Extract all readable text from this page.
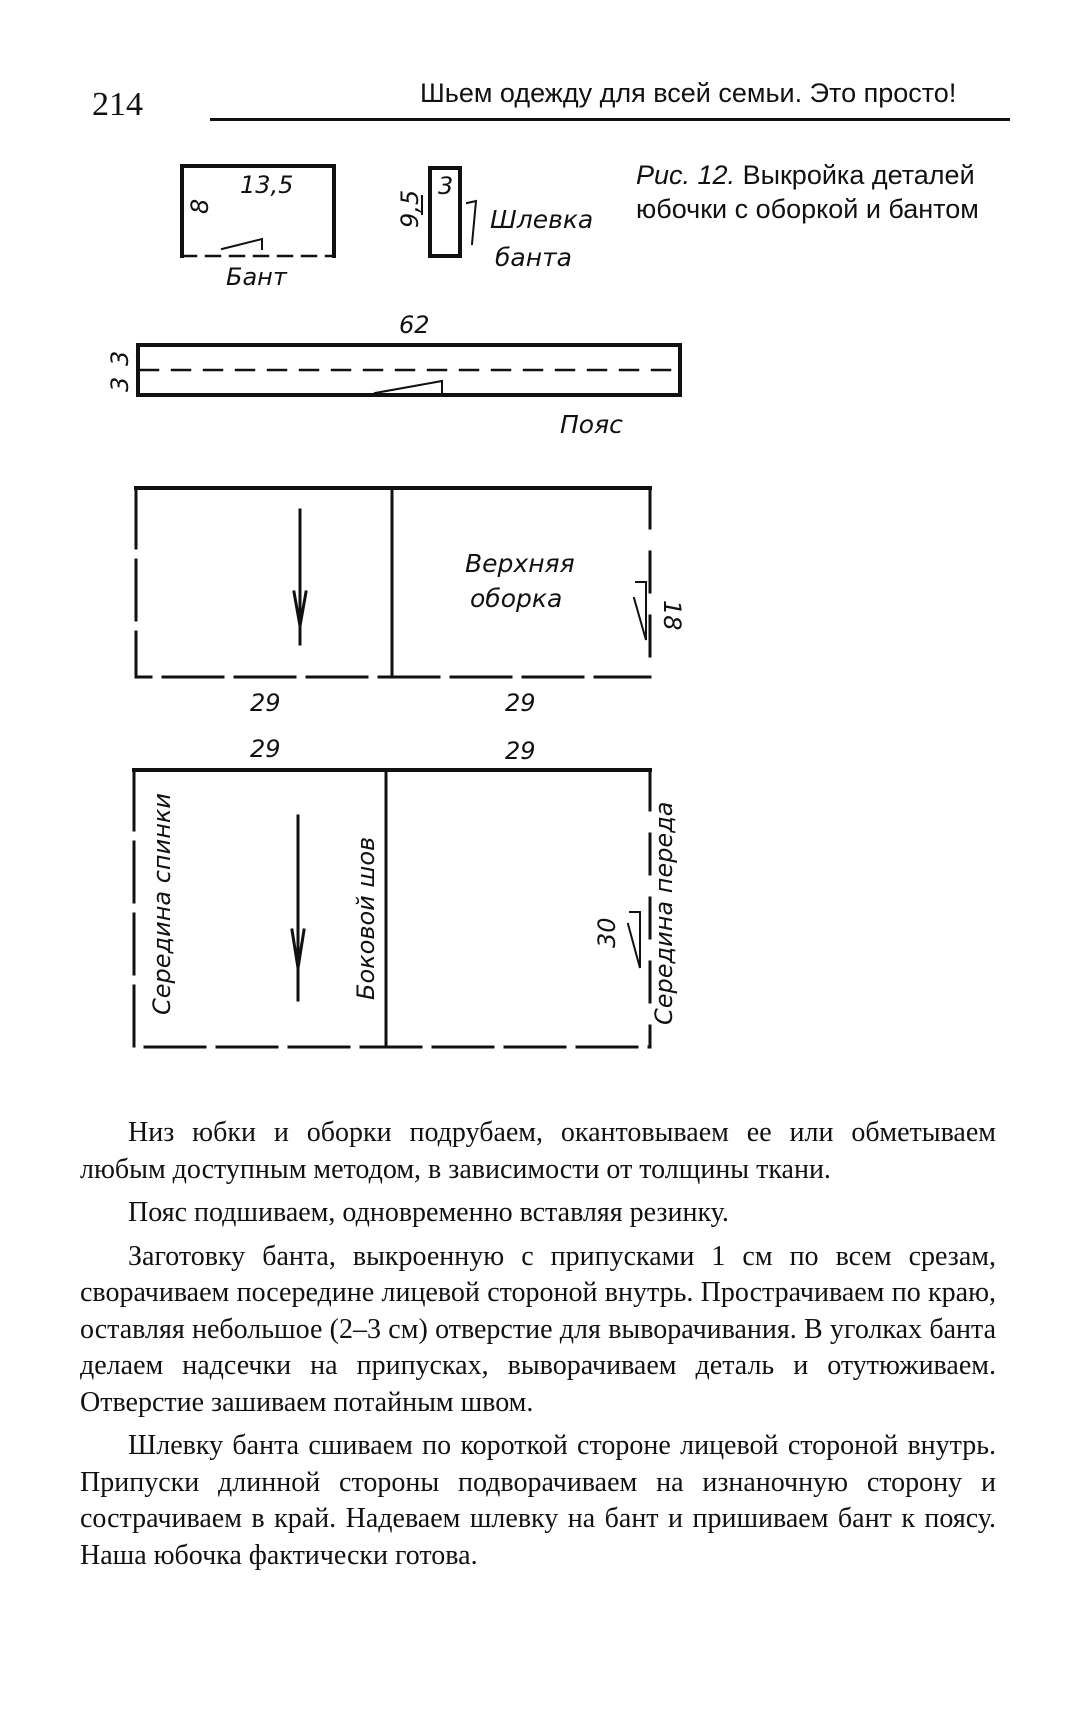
214	Шьем одежду для всей семьи. Это просто!
Рис. 12. Выкройка деталей
юбочки с оборкой и бантом
13,5
8
Бант
3
9,5	Шлевка
банта
62
3
3
Пояс
Верхняя
оборка
18
29	29
29	29
Середина спинки	Боковой шов	30 Середина переда

Низ юбки и оборки подрубаем, окантовываем ее или обметываем любым доступным методом, в зависимости от толщины ткани.

Пояс подшиваем, одновременно вставляя резинку.

Заготовку банта, выкроенную с припусками 1 см по всем срезам, сворачиваем посередине лицевой стороной внутрь. Прострачиваем по краю, оставляя небольшое (2–3 см) отверстие для выворачивания. В уголках банта делаем надсечки на припусках, выворачиваем деталь и отутюживаем. Отверстие зашиваем потайным швом.

Шлевку банта сшиваем по короткой стороне лицевой стороной внутрь. Припуски длинной стороны подворачиваем на изнаночную сторону и сострачиваем в край. Надеваем шлевку на бант и пришиваем бант к поясу. Наша юбочка фактически готова.
